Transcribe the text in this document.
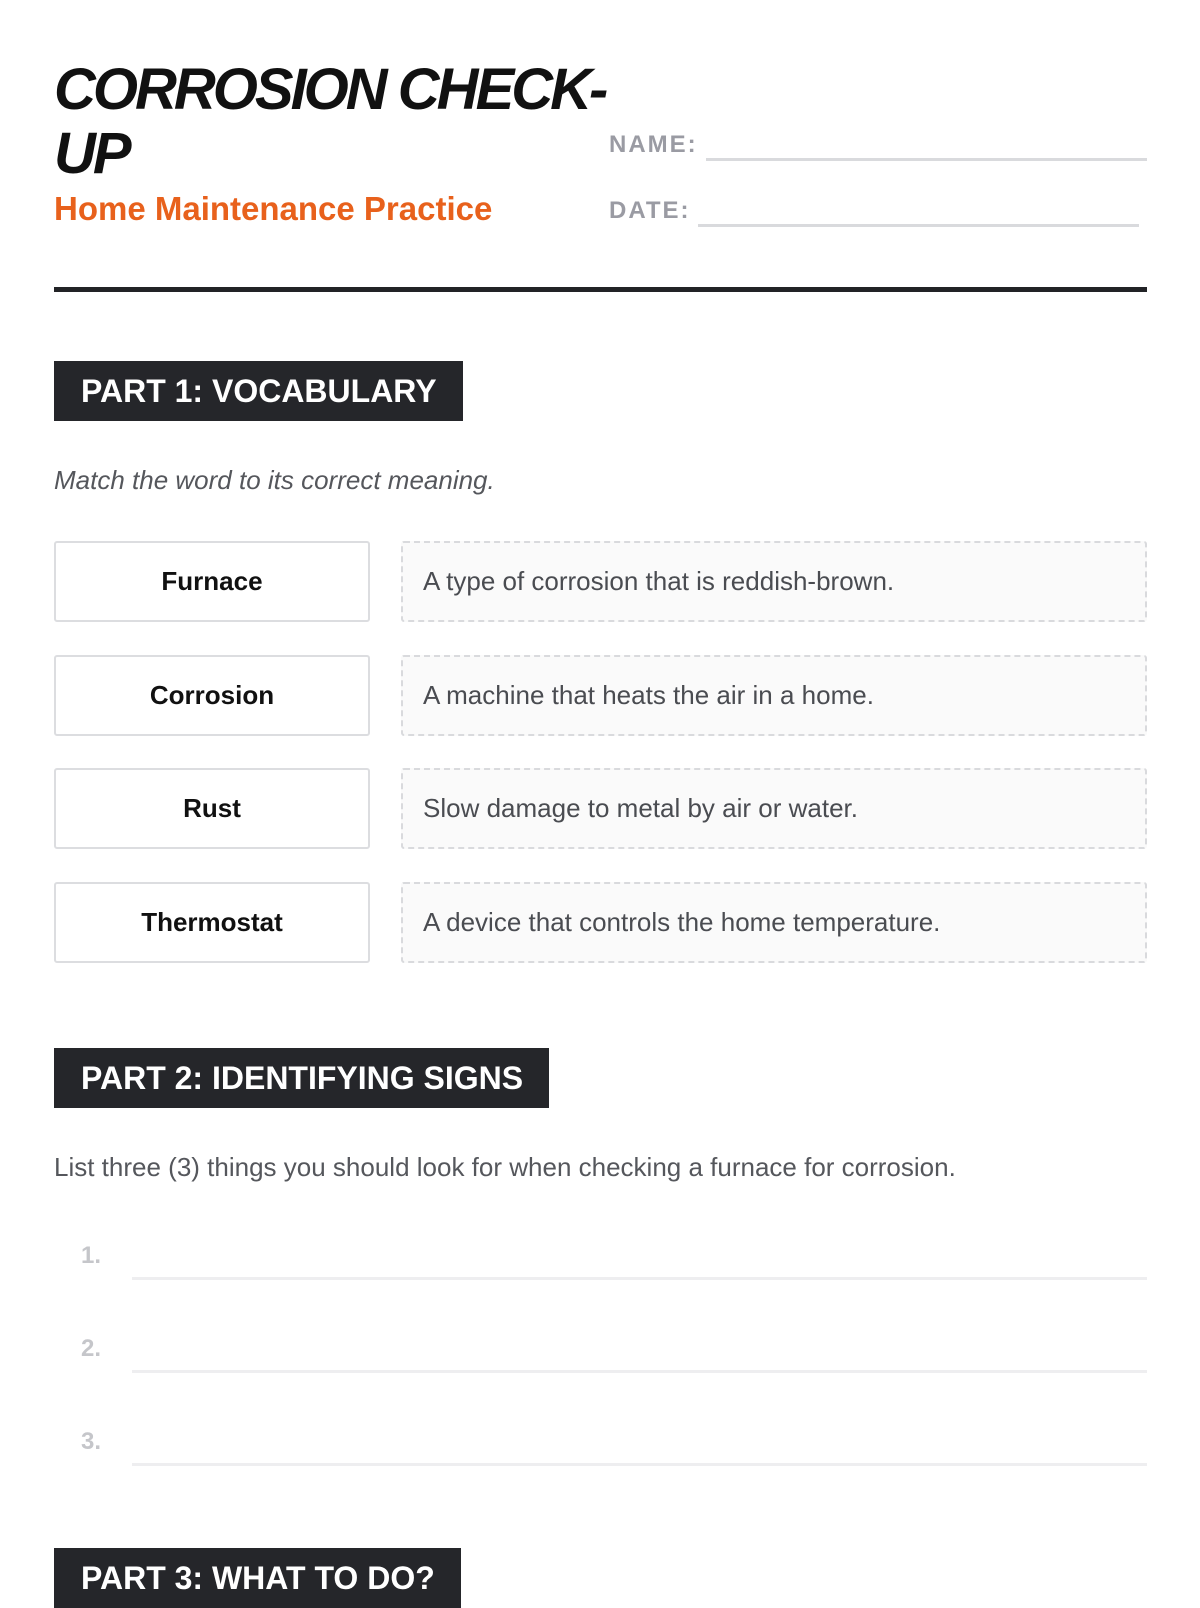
CORROSION CHECK-UP
Home Maintenance Practice
NAME:
DATE:
PART 1: VOCABULARY
Match the word to its correct meaning.
Furnace	A type of corrosion that is reddish-brown.
Corrosion	A machine that heats the air in a home.
Rust	Slow damage to metal by air or water.
Thermostat	A device that controls the home temperature.
PART 2: IDENTIFYING SIGNS
List three (3) things you should look for when checking a furnace for corrosion.
1.
2.
3.
PART 3: WHAT TO DO?
